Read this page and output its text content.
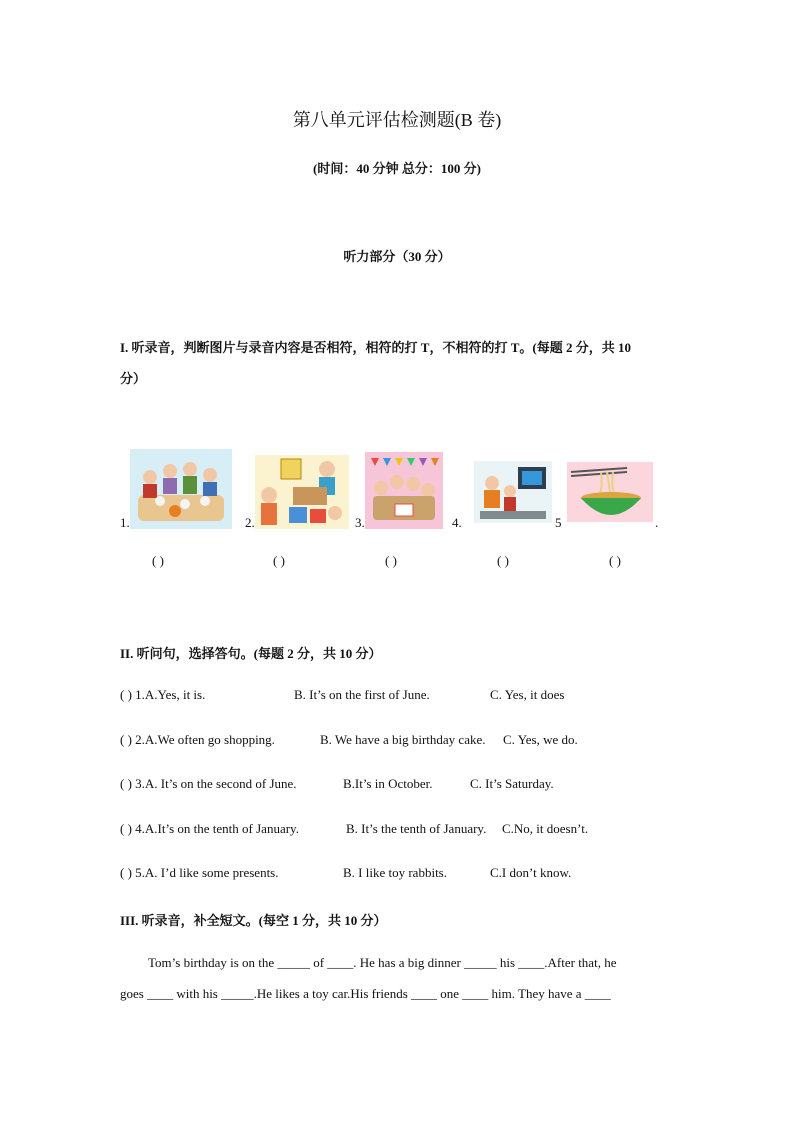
第八单元评估检测题(B 卷)
(时间：40 分钟 总分：100 分)
听力部分（30 分）
I. 听录音，判断图片与录音内容是否相符，相符的打 T，不相符的打 T。(每题 2 分，共 10
分）
1.	2.	3.	4.	5	.
( )	( )	( )	( )	( )
II. 听问句，选择答句。(每题 2 分，共 10 分）
( ) 1.A.Yes, it is.	B. It’s on the first of June.	C. Yes, it does
( ) 2.A.We often go shopping.	B. We have a big birthday cake. C. Yes, we do.
( ) 3.A. It’s on the second of June.	B.It’s in October.	C. It’s Saturday.
( ) 4.A.It’s on the tenth of January.	B. It’s the tenth of January. C.No, it doesn’t.
( ) 5.A. I’d like some presents.	B. I like toy rabbits.	C.I don’t know.
III. 听录音，补全短文。(每空 1 分，共 10 分）
Tom’s birthday is on the _____ of ____. He has a big dinner _____ his ____.After that, he
goes ____ with his _____.He likes a toy car.His friends ____ one ____ him. They have a ____
